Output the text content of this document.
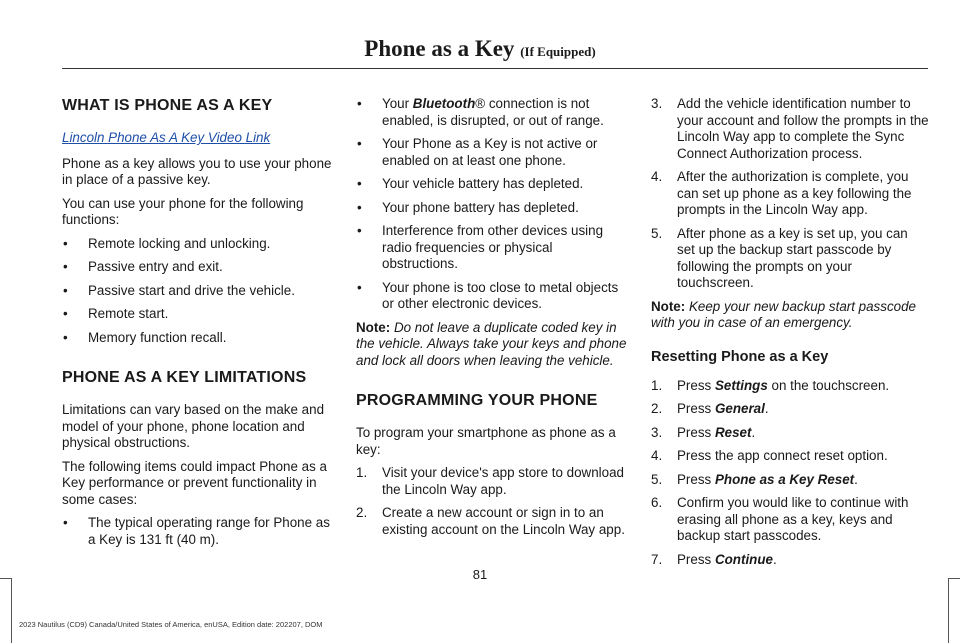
Phone as a Key (If Equipped)
WHAT IS PHONE AS A KEY
Lincoln Phone As A Key Video Link

Phone as a key allows you to use your phone in place of a passive key.

You can use your phone for the following functions:

• Remote locking and unlocking.
• Passive entry and exit.
• Passive start and drive the vehicle.
• Remote start.
• Memory function recall.
PHONE AS A KEY LIMITATIONS

Limitations can vary based on the make and model of your phone, phone location and physical obstructions.

The following items could impact Phone as a Key performance or prevent functionality in some cases:

• The typical operating range for Phone as a Key is 131 ft (40 m).
• Your Bluetooth® connection is not enabled, is disrupted, or out of range.
• Your Phone as a Key is not active or enabled on at least one phone.
• Your vehicle battery has depleted.
• Your phone battery has depleted.
• Interference from other devices using radio frequencies or physical obstructions.
• Your phone is too close to metal objects or other electronic devices.

Note: Do not leave a duplicate coded key in the vehicle. Always take your keys and phone and lock all doors when leaving the vehicle.

PROGRAMMING YOUR PHONE

To program your smartphone as phone as a key:

1. Visit your device's app store to download the Lincoln Way app.
2. Create a new account or sign in to an existing account on the Lincoln Way app.
3. Add the vehicle identification number to your account and follow the prompts in the Lincoln Way app to complete the Sync Connect Authorization process.
4. After the authorization is complete, you can set up phone as a key following the prompts in the Lincoln Way app.
5. After phone as a key is set up, you can set up the backup start passcode by following the prompts on your touchscreen.

Note: Keep your new backup start passcode with you in case of an emergency.

Resetting Phone as a Key
1. Press Settings on the touchscreen.
2. Press General.
3. Press Reset.
4. Press the app connect reset option.
5. Press Phone as a Key Reset.
6. Confirm you would like to continue with erasing all phone as a key, keys and backup start passcodes.
7. Press Continue.
81
2023 Nautilus (CD9) Canada/United States of America, enUSA, Edition date: 202207, DOM
